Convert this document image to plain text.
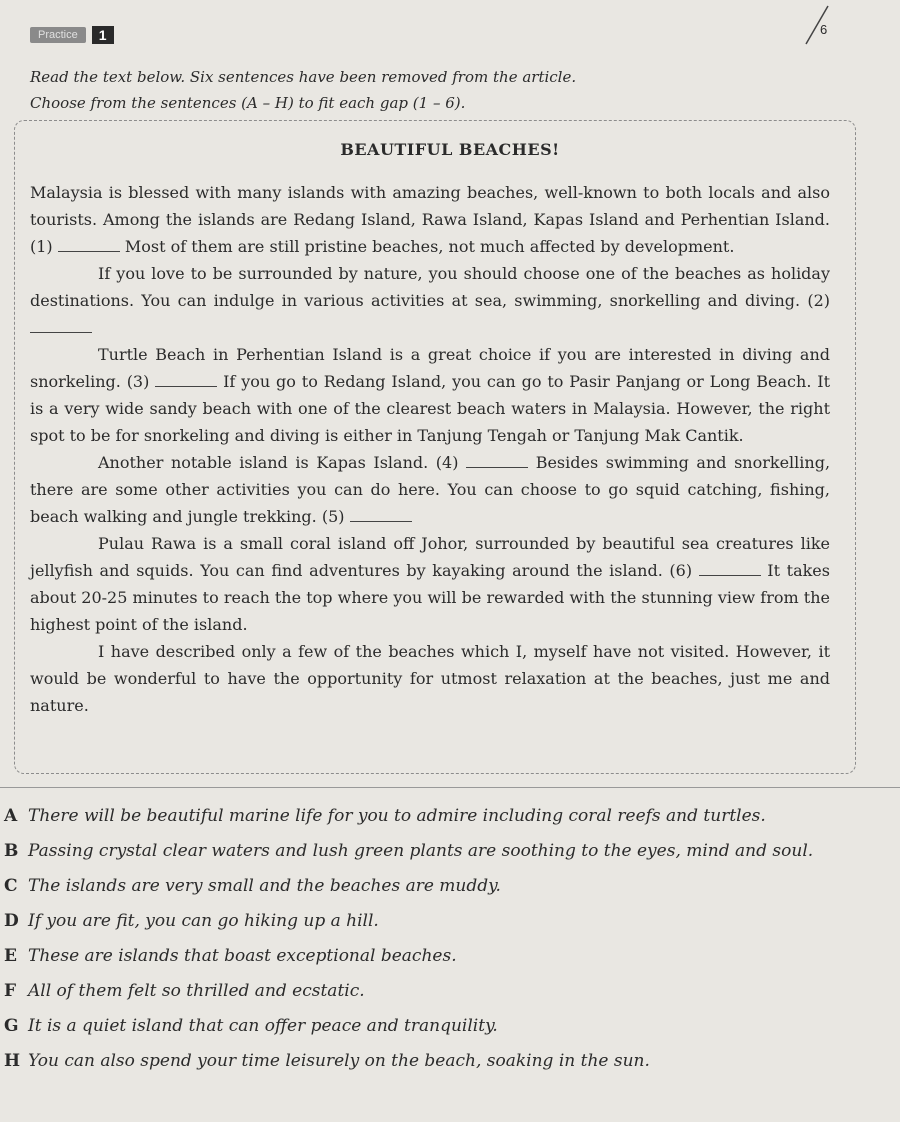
Practice	1	6
Read the text below. Six sentences have been removed from the article.
Choose from the sentences (A – H) to fit each gap (1 – 6).
BEAUTIFUL BEACHES!

Malaysia is blessed with many islands with amazing beaches, well-known to both locals and also tourists. Among the islands are Redang Island, Rawa Island, Kapas Island and Perhentian Island. (1)	Most of them are still pristine beaches, not much affected by development.

If you love to be surrounded by nature, you should choose one of the beaches as holiday destinations. You can indulge in various activities at sea, swimming, snorkelling and diving. (2)

Turtle Beach in Perhentian Island is a great choice if you are interested in diving and snorkeling. (3)	If you go to Redang Island, you can go to Pasir Panjang or Long Beach. It is a very wide sandy beach with one of the clearest beach waters in Malaysia. However, the right spot to be for snorkeling and diving is either in Tanjung Tengah or Tanjung Mak Cantik.

Another notable island is Kapas Island. (4)	Besides swimming and snorkelling, there are some other activities you can do here. You can choose to go squid catching, fishing, beach walking and jungle trekking. (5)

Pulau Rawa is a small coral island off Johor, surrounded by beautiful sea creatures like jellyfish and squids. You can find adventures by kayaking around the island. (6)	It takes about 20-25 minutes to reach the top where you will be rewarded with the stunning view from the highest point of the island.

I have described only a few of the beaches which I, myself have not visited. However, it would be wonderful to have the opportunity for utmost relaxation at the beaches, just me and nature.

A There will be beautiful marine life for you to admire including coral reefs and turtles.
B Passing crystal clear waters and lush green plants are soothing to the eyes, mind and soul.
C The islands are very small and the beaches are muddy.
D If you are fit, you can go hiking up a hill.
E These are islands that boast exceptional beaches.
F All of them felt so thrilled and ecstatic.
G It is a quiet island that can offer peace and tranquility.
H You can also spend your time leisurely on the beach, soaking in the sun.
